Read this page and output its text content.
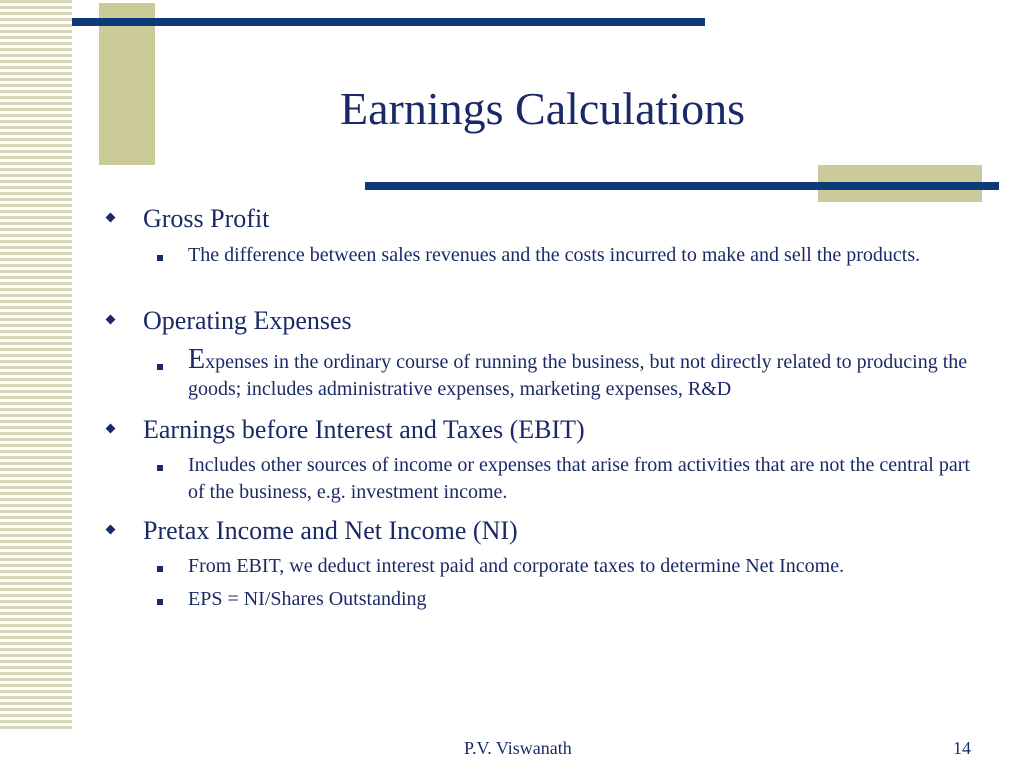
Earnings Calculations
Gross Profit
The difference between sales revenues and the costs incurred to make and sell the products.
Operating Expenses
Expenses in the ordinary course of running the business, but not directly related to producing the goods; includes administrative expenses, marketing expenses, R&D
Earnings before Interest and Taxes (EBIT)
Includes other sources of income or expenses that arise from activities that are not the central part of the business, e.g. investment income.
Pretax Income and Net Income (NI)
From EBIT, we deduct interest paid and corporate taxes to determine Net Income.
EPS = NI/Shares Outstanding
P.V. Viswanath	14
